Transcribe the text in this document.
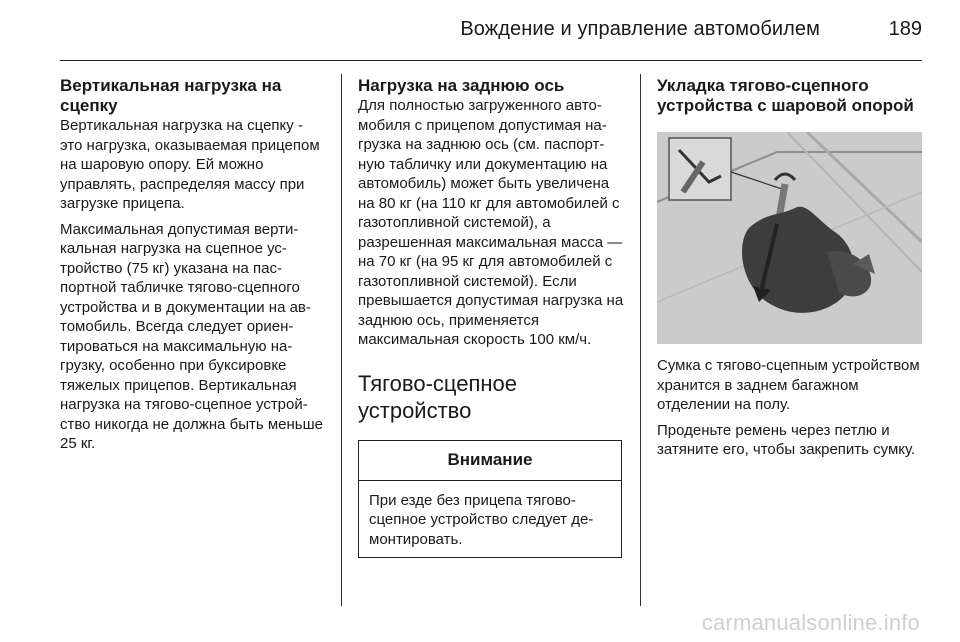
Вождение и управление автомобилем	189
Вертикальная нагрузка на сцепку

Вертикальная нагрузка на сцепку - это нагрузка, оказываемая прицепом на шаровую опору. Ей можно управлять, распределяя массу при загрузке прицепа.

Максимальная допустимая вертикальная нагрузка на сцепное устройство (75 кг) указана на паспортной табличке тягово-сцепного устройства и в документации на автомобиль. Всегда следует ориентироваться на максимальную нагрузку, особенно при буксировке тяжелых прицепов. Вертикальная нагрузка на тягово-сцепное устройство никогда не должна быть меньше 25 кг.

Нагрузка на заднюю ось

Для полностью загруженного автомобиля с прицепом допустимая нагрузка на заднюю ось (см. паспортную табличку или документацию на автомобиль) может быть увеличена на 80 кг (на 110 кг для автомобилей с газотопливной системой), а разрешенная максимальная масса — на 70 кг (на 95 кг для автомобилей с газотопливной системой). Если превышается допустимая нагрузка на заднюю ось, применяется максимальная скорость 100 км/ч.

Тягово-сцепное устройство
Внимание
При езде без прицепа тягово-сцепное устройство следует демонтировать.
Укладка тягово-сцепного устройства с шаровой опорой

Сумка с тягово-сцепным устройством хранится в заднем багажном отделении на полу.

Проденьте ремень через петлю и затяните его, чтобы закрепить сумку.

carmanualsonline.info
